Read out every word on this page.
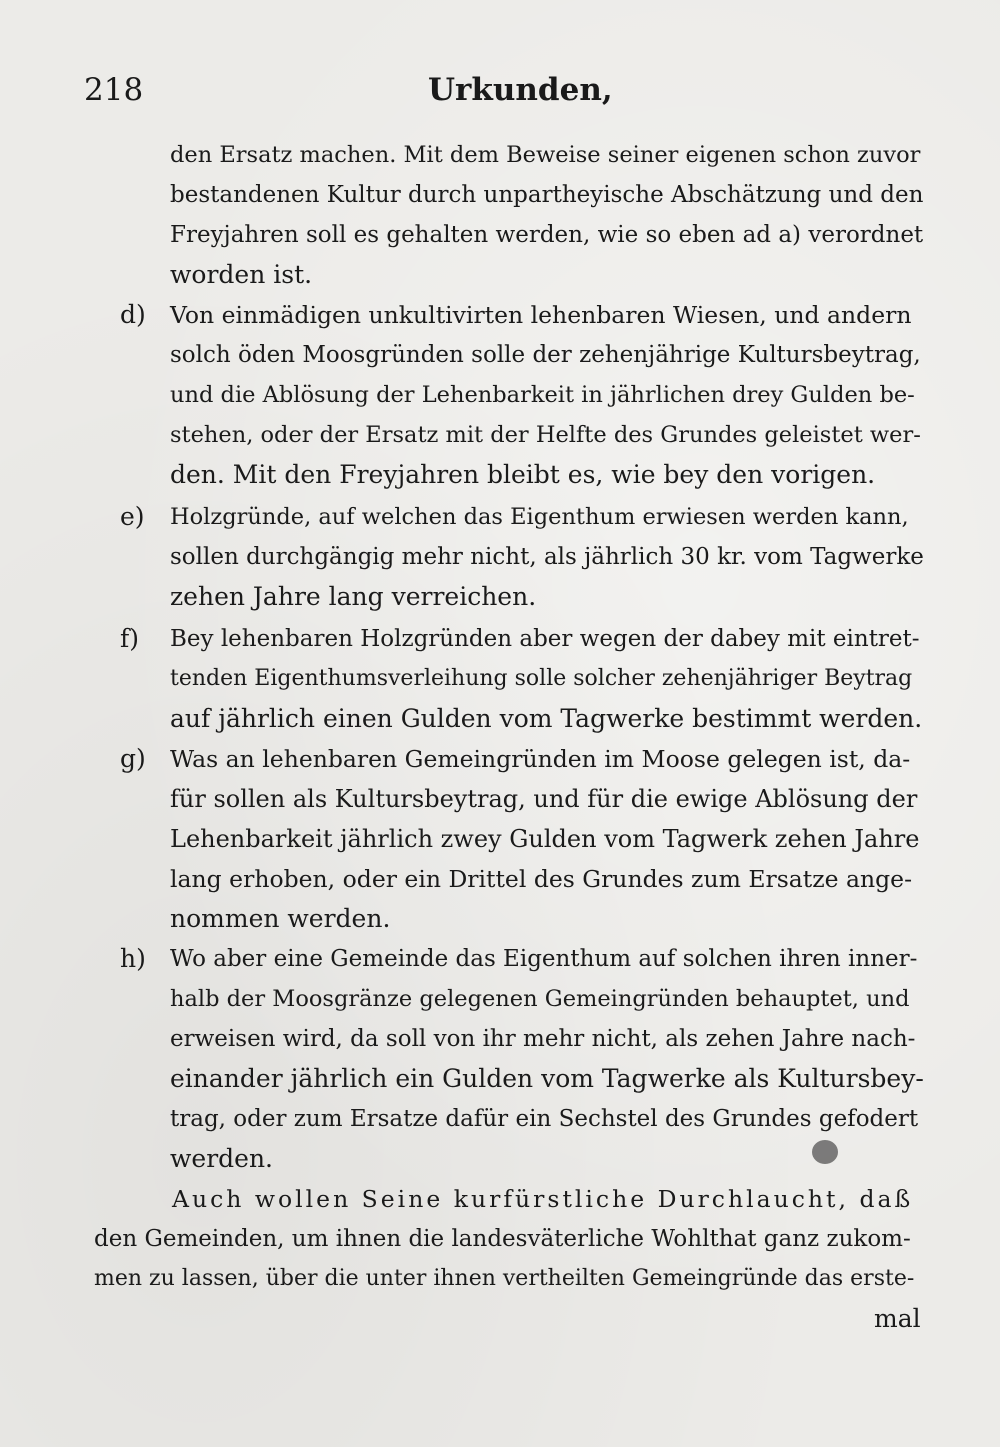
218	Urkunden,
d)
e)
f)
g)
h)
den Ersatz machen. Mit dem Beweise seiner eigenen schon zuvor
bestandenen Kultur durch unpartheyische Abschätzung und den
Freyjahren soll es gehalten werden, wie so eben ad a) verordnet
worden ist.
Von einmädigen unkultivirten lehenbaren Wiesen, und andern
solch öden Moosgründen solle der zehenjährige Kultursbeytrag,
und die Ablösung der Lehenbarkeit in jährlichen drey Gulden be-
stehen, oder der Ersatz mit der Helfte des Grundes geleistet wer-
den. Mit den Freyjahren bleibt es, wie bey den vorigen.
Holzgründe, auf welchen das Eigenthum erwiesen werden kann,
sollen durchgängig mehr nicht, als jährlich 30 kr. vom Tagwerke
zehen Jahre lang verreichen.
Bey lehenbaren Holzgründen aber wegen der dabey mit eintret-
tenden Eigenthumsverleihung solle solcher zehenjähriger Beytrag
auf jährlich einen Gulden vom Tagwerke bestimmt werden.
Was an lehenbaren Gemeingründen im Moose gelegen ist, da-
für sollen als Kultursbeytrag, und für die ewige Ablösung der
Lehenbarkeit jährlich zwey Gulden vom Tagwerk zehen Jahre
lang erhoben, oder ein Drittel des Grundes zum Ersatze ange-
nommen werden.
Wo aber eine Gemeinde das Eigenthum auf solchen ihren inner-
halb der Moosgränze gelegenen Gemeingründen behauptet, und
erweisen wird, da soll von ihr mehr nicht, als zehen Jahre nach-
einander jährlich ein Gulden vom Tagwerke als Kultursbey-
trag, oder zum Ersatze dafür ein Sechstel des Grundes gefodert
werden.
Auch wollen Seine kurfürstliche Durchlaucht, daß
den Gemeinden, um ihnen die landesväterliche Wohlthat ganz zukom-
men zu lassen, über die unter ihnen vertheilten Gemeingründe das erste-
mal
